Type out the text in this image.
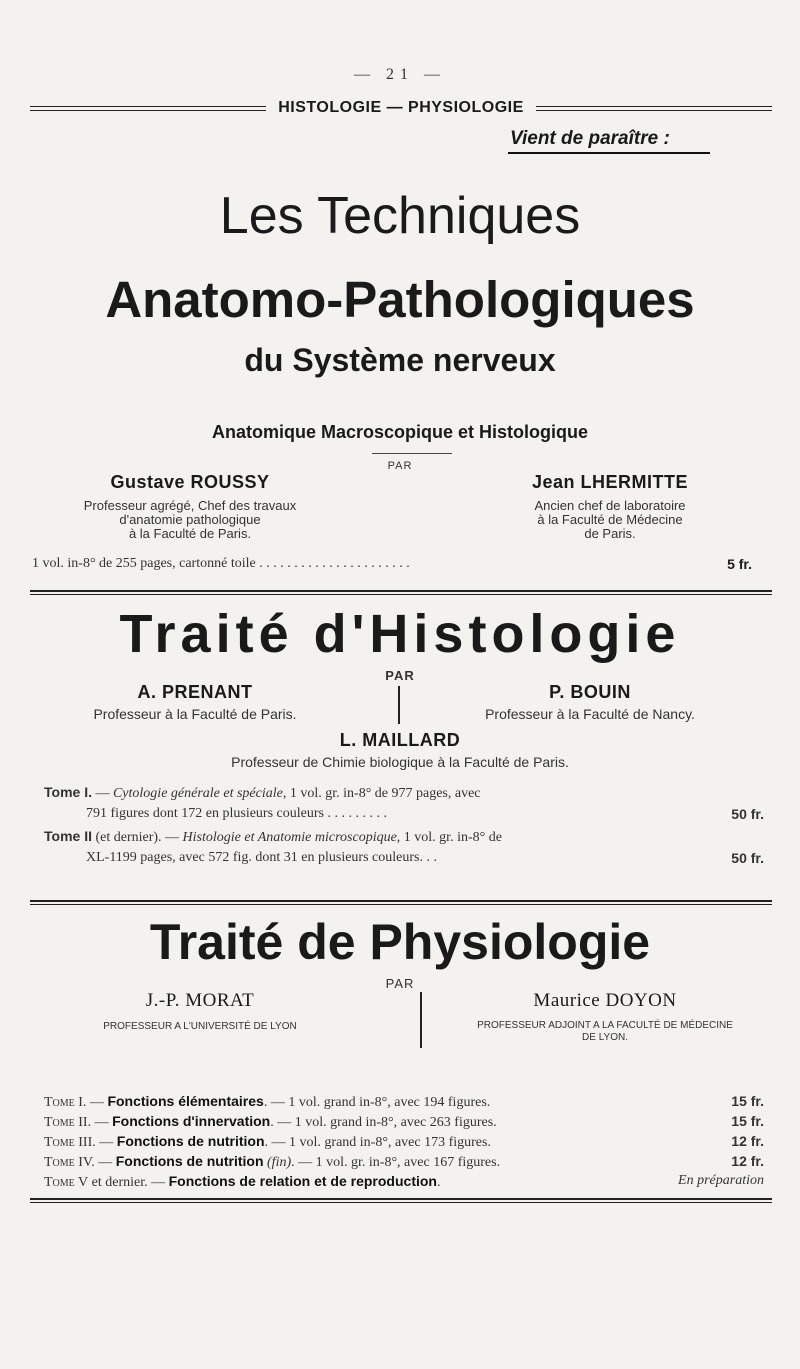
— 21 —
HISTOLOGIE — PHYSIOLOGIE
Vient de paraître :
Les Techniques
Anatomo-Pathologiques
du Système nerveux
Anatomique Macroscopique et Histologique
PAR
Gustave ROUSSY
Professeur agrégé, Chef des travaux
d'anatomie pathologique
à la Faculté de Paris.
Jean LHERMITTE
Ancien chef de laboratoire
à la Faculté de Médecine
de Paris.
1 vol. in-8° de 255 pages, cartonné toile . . . . . . . . . . . . . . . . . . . . . .	5 fr.
Traité d'Histologie
PAR
A. PRENANT
Professeur à la Faculté de Paris.
P. BOUIN
Professeur à la Faculté de Nancy.
L. MAILLARD
Professeur de Chimie biologique à la Faculté de Paris.
Tome I. — Cytologie générale et spéciale, 1 vol. gr. in-8° de 977 pages, avec
791 figures dont 172 en plusieurs couleurs . . . . . . . . .	50 fr.
Tome II (et dernier). — Histologie et Anatomie microscopique, 1 vol. gr. in-8° de
XL-1199 pages, avec 572 fig. dont 31 en plusieurs couleurs. . .	50 fr.
Traité de Physiologie
PAR
J.-P. MORAT
PROFESSEUR A L'UNIVERSITÉ DE LYON
Maurice DOYON
PROFESSEUR ADJOINT A LA FACULTÉ DE MÉDECINE
DE LYON.
Tome I. — Fonctions élémentaires. — 1 vol. grand in-8°, avec 194 figures.	15 fr.
Tome II. — Fonctions d'innervation. — 1 vol. grand in-8°, avec 263 figures.	15 fr.
Tome III. — Fonctions de nutrition. — 1 vol. grand in-8°, avec 173 figures.	12 fr.
Tome IV. — Fonctions de nutrition (fin). — 1 vol. gr. in-8°, avec 167 figures.	12 fr.
Tome V et dernier. — Fonctions de relation et de reproduction.	En préparation
